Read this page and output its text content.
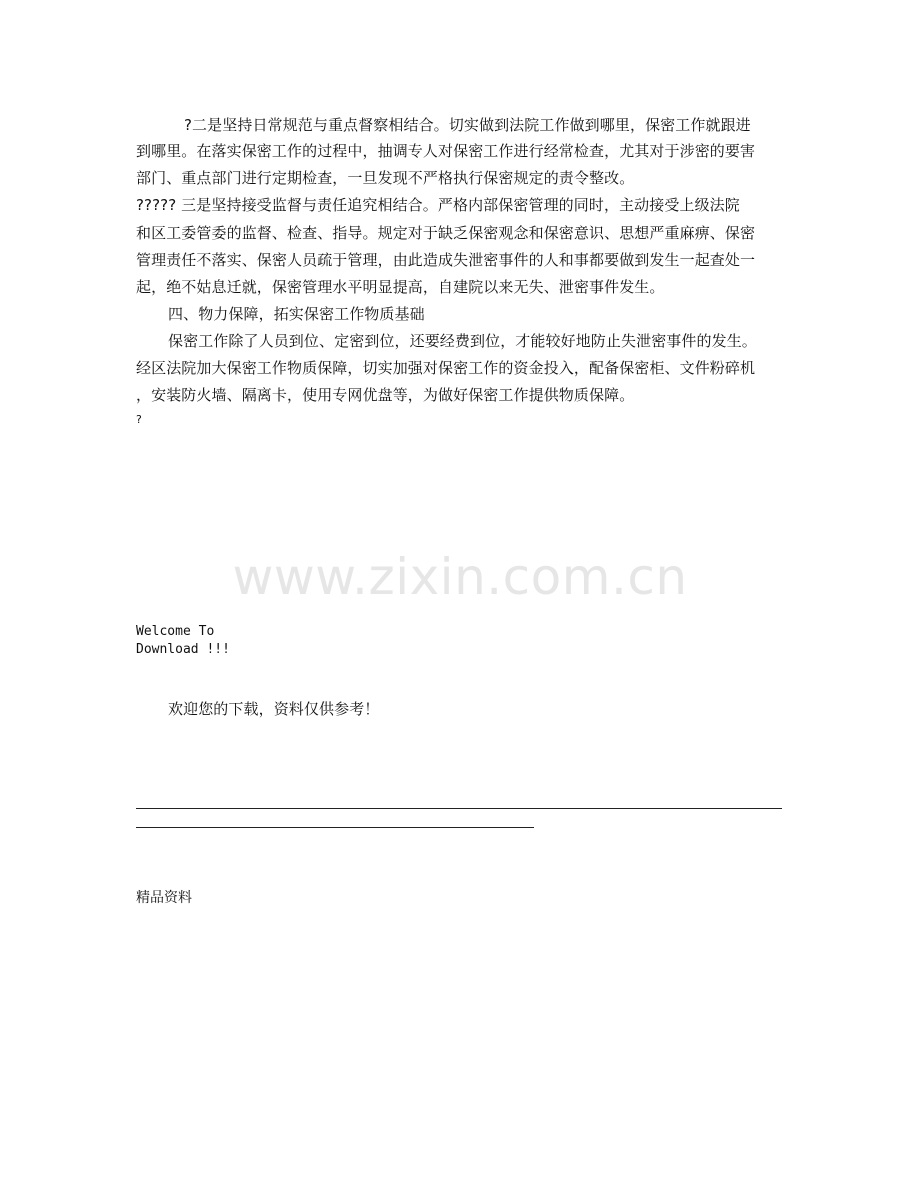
?二是坚持日常规范与重点督察相结合。切实做到法院工作做到哪里，保密工作就跟进
到哪里。在落实保密工作的过程中，抽调专人对保密工作进行经常检查，尤其对于涉密的要害
部门、重点部门进行定期检查，一旦发现不严格执行保密规定的责令整改。
????? 三是坚持接受监督与责任追究相结合。严格内部保密管理的同时，主动接受上级法院
和区工委管委的监督、检查、指导。规定对于缺乏保密观念和保密意识、思想严重麻痹、保密
管理责任不落实、保密人员疏于管理，由此造成失泄密事件的人和事都要做到发生一起查处一
起，绝不姑息迁就，保密管理水平明显提高，自建院以来无失、泄密事件发生。
四、物力保障，拓实保密工作物质基础
保密工作除了人员到位、定密到位，还要经费到位，才能较好地防止失泄密事件的发生。
经区法院加大保密工作物质保障，切实加强对保密工作的资金投入，配备保密柜、文件粉碎机
，安装防火墙、隔离卡，使用专网优盘等，为做好保密工作提供物质保障。
?
www.zixin.com.cn
Welcome To
Download !!!
欢迎您的下载，资料仅供参考！
精品资料
